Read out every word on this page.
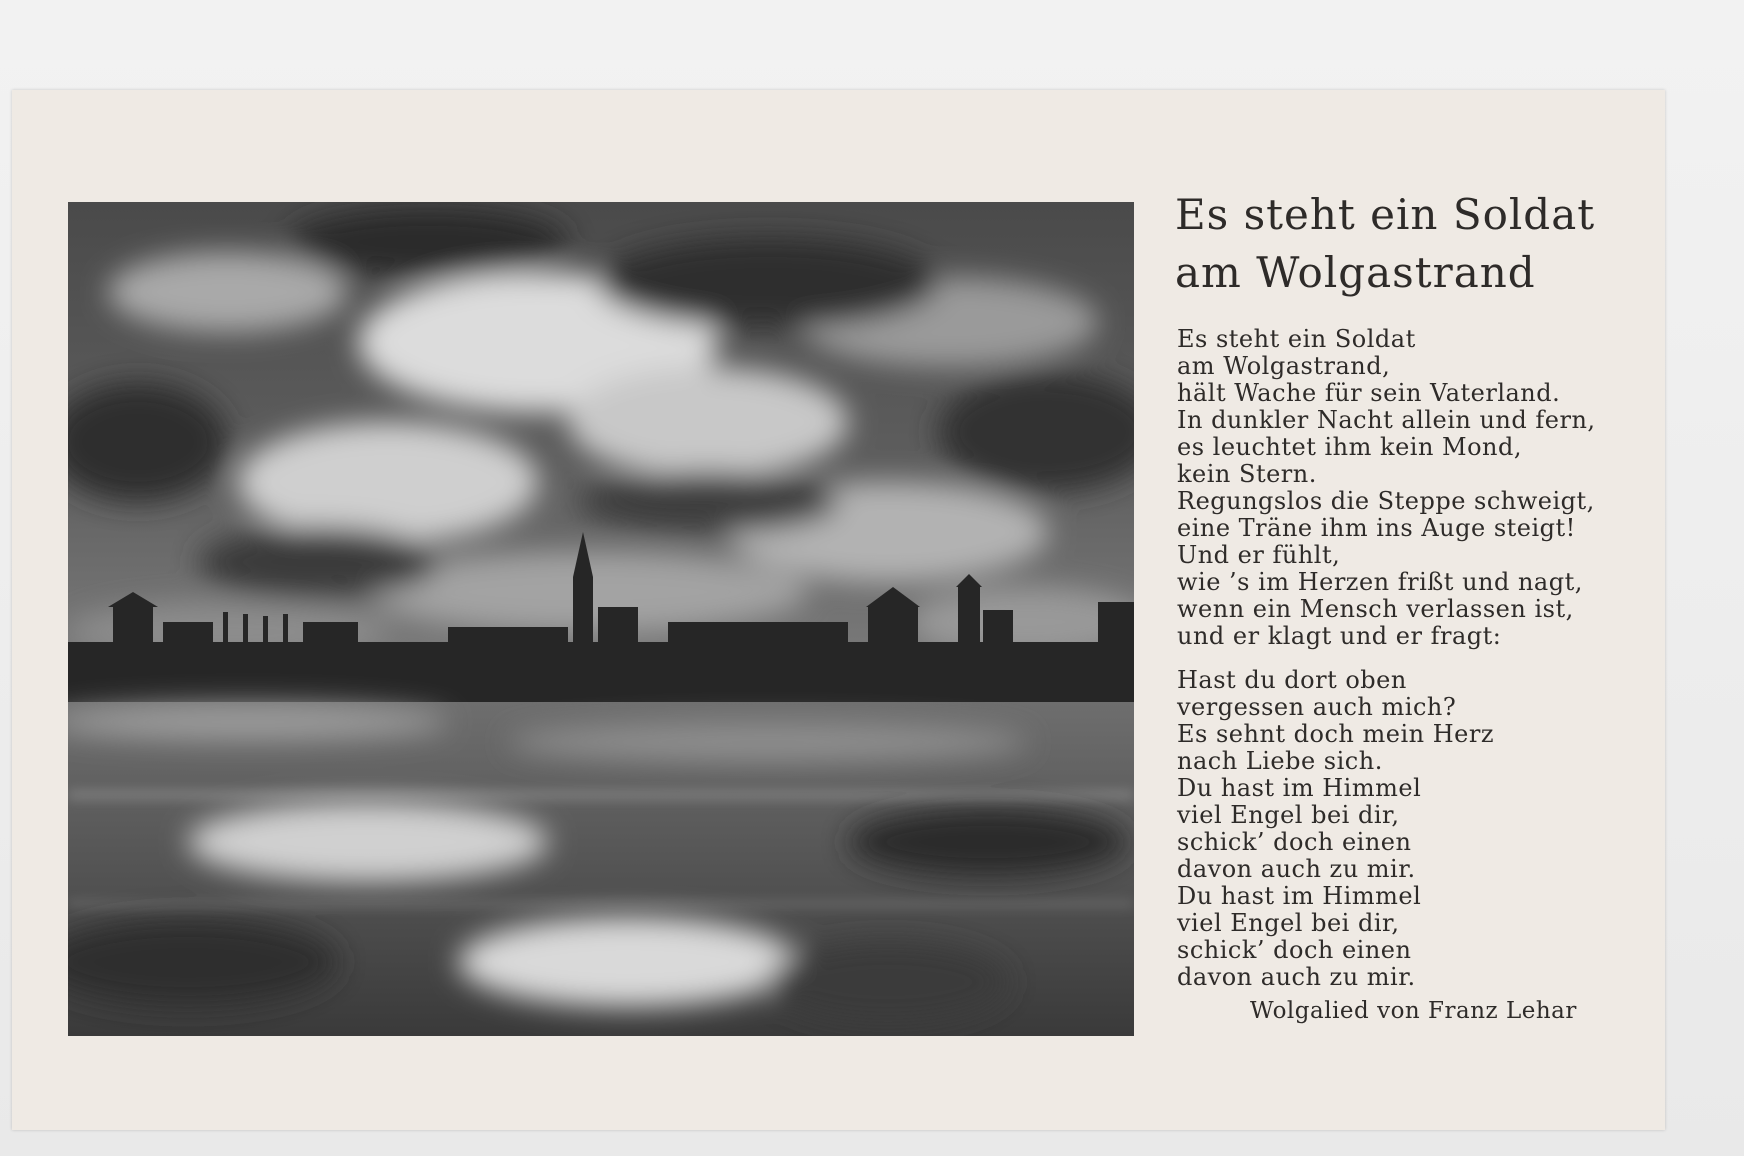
Es steht ein Soldat
am Wolgastrand
Es steht ein Soldat
am Wolgastrand,
hält Wache für sein Vaterland.
In dunkler Nacht allein und fern,
es leuchtet ihm kein Mond,
kein Stern.
Regungslos die Steppe schweigt,
eine Träne ihm ins Auge steigt!
Und er fühlt,
wie ’s im Herzen frißt und nagt,
wenn ein Mensch verlassen ist,
und er klagt und er fragt:
Hast du dort oben
vergessen auch mich?
Es sehnt doch mein Herz
nach Liebe sich.
Du hast im Himmel
viel Engel bei dir,
schick’ doch einen
davon auch zu mir.
Du hast im Himmel
viel Engel bei dir,
schick’ doch einen
davon auch zu mir.
Wolgalied von Franz Lehar
